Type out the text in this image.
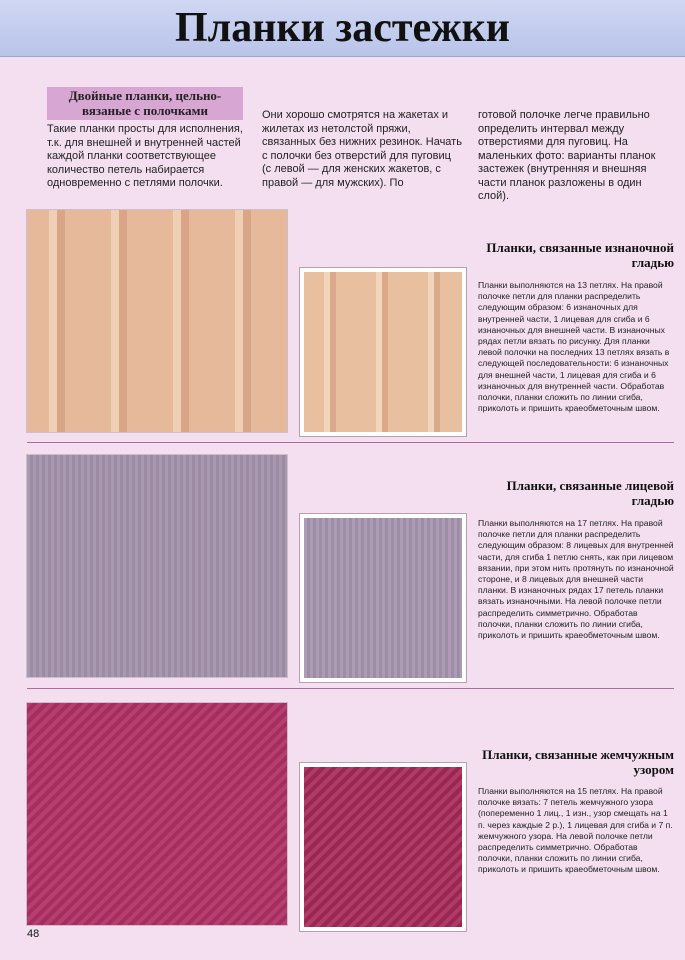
Планки застежки
Двойные планки, цельно-вязаные с полочками
Такие планки просты для исполнения, т.к. для внешней и внутренней частей каждой планки соответствующее количество петель набирается одновременно с петлями полочки.
Они хорошо смотрятся на жакетах и жилетах из нетолстой пряжи, связанных без нижних резинок. Начать с полочки без отверстий для пуговиц (с левой — для женских жакетов, с правой — для мужских). По
готовой полочке легче правильно определить интервал между отверстиями для пуговиц. На маленьких фото: варианты планок застежек (внутренняя и внешняя части планок разложены в один слой).
Планки, связанные изнаночной гладью
Планки выполняются на 13 петлях. На правой полочке петли для планки распределить следующим образом: 6 изнаночных для внутренней части, 1 лицевая для сгиба и 6 изнаночных для внешней части. В изнаночных рядах петли вязать по рисунку. Для планки левой полочки на последних 13 петлях вязать в следующей последовательности: 6 изнаночных для внешней части, 1 лицевая для сгиба и 6 изнаночных для внутренней части. Обработав полочки, планки сложить по линии сгиба, приколоть и пришить краеобметочным швом.
Планки, связанные лицевой гладью
Планки выполняются на 17 петлях. На правой полочке петли для планки распределить следующим образом: 8 лицевых для внутренней части, для сгиба 1 петлю снять, как при лицевом вязании, при этом нить протянуть по изнаночной стороне, и 8 лицевых для внешней части планки. В изнаночных рядах 17 петель планки вязать изнаночными. На левой полочке петли распределить симметрично. Обработав полочки, планки сложить по линии сгиба, приколоть и пришить краеобметочным швом.
Планки, связанные жемчужным узором
Планки выполняются на 15 петлях. На правой полочке вязать: 7 петель жемчужного узора (попеременно 1 лиц., 1 изн., узор смещать на 1 п. через каждые 2 р.), 1 лицевая для сгиба и 7 п. жемчужного узора. На левой полочке петли распределить симметрично. Обработав полочки, планки сложить по линии сгиба, приколоть и пришить краеобметочным швом.
48
